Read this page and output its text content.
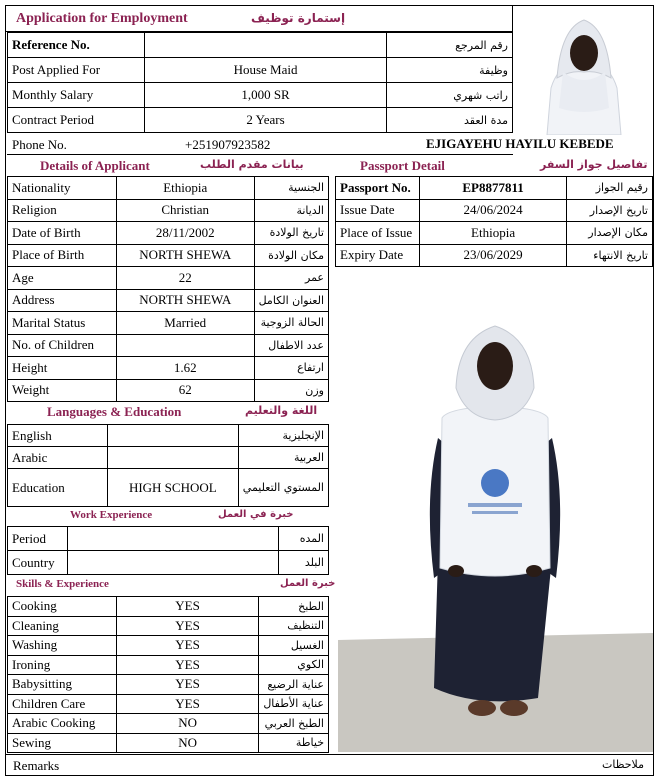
Application for Employment	إستمارة توظيف
Reference No.		رقم المرجع
Post Applied For	House Maid	وظيفة
Monthly Salary	1,000 SR	راتب شهري
Contract Period	2 Years	مدة العقد
Phone No.	+251907923582	EJIGAYEHU HAYILU KEBEDE
Details of Applicant	بيانات مقدم الطلب
Nationality	Ethiopia	الجنسية
Religion	Christian	الديانة
Date of Birth	28/11/2002	تاريخ الولادة
Place of Birth	NORTH SHEWA	مكان الولادة
Age	22	عمر
Address	NORTH SHEWA	العنوان الكامل
Marital Status	Married	الحالة الزوجية
No. of Children		عدد الاطفال
Height	1.62	ارتفاع
Weight	62	وزن
Languages & Education	اللغة والتعليم
English		الإنجليزية
Arabic		العربية
Education	HIGH SCHOOL	المستوي التعليمي
Work Experience	خبرة في العمل
Period		المده
Country		البلد
Skills & Experience	خبرة العمل
Cooking	YES	الطبخ
Cleaning	YES	التنظيف
Washing	YES	الغسيل
Ironing	YES	الكوي
Babysitting	YES	عناية الرضيع
Children Care	YES	عناية الأطفال
Arabic Cooking	NO	الطبخ العربي
Sewing	NO	خياطة
Remarks	ملاحظات
Passport Detail	تفاصيل جواز السفر
Passport No.	EP8877811	رقيم الجواز
Issue Date	24/06/2024	تاريخ الإصدار
Place of Issue	Ethiopia	مكان الإصدار
Expiry Date	23/06/2029	تاريخ الانتهاء
